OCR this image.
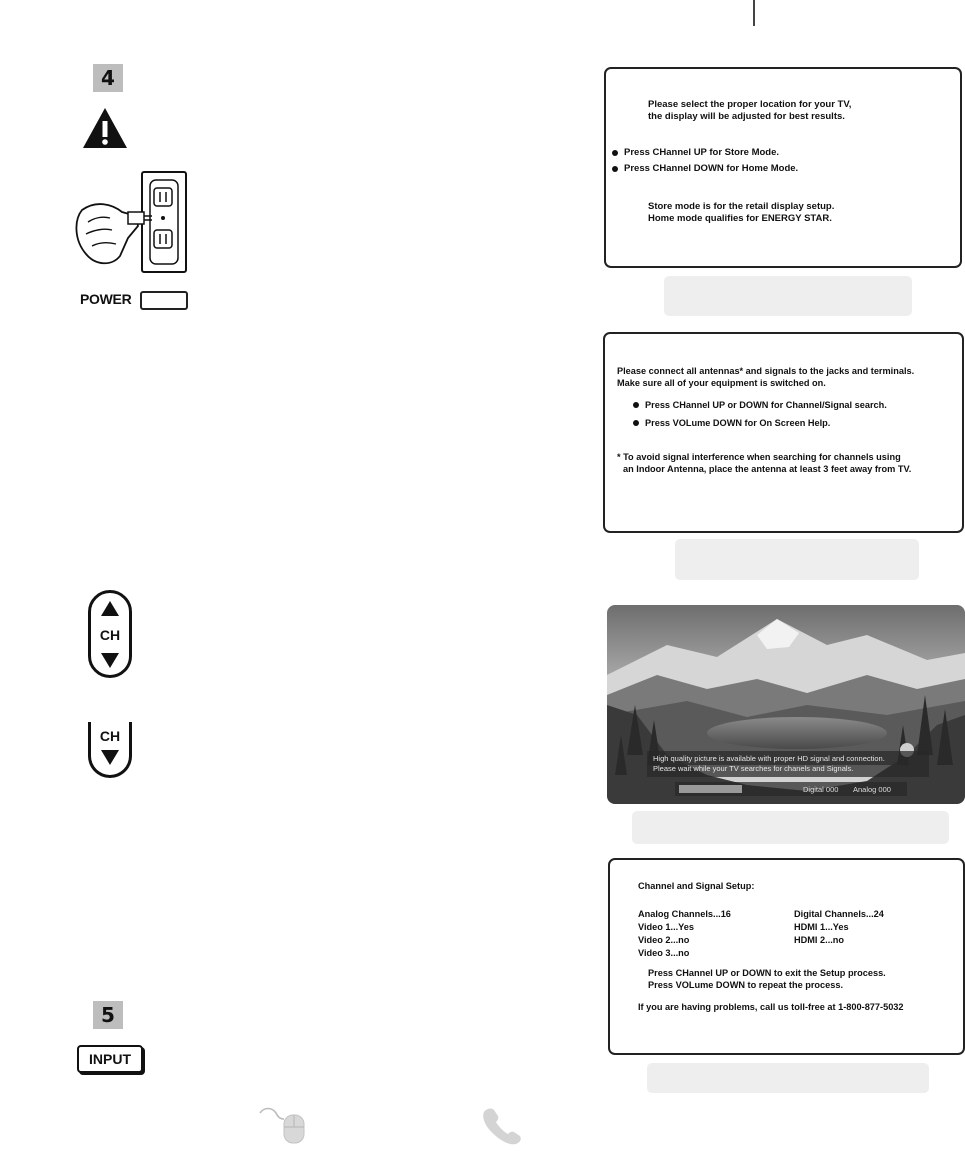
4
POWER
CH
CH
5
INPUT

Please select the proper location for your TV,

the display will be adjusted for best results.

Press CHannel UP for Store Mode.
Press CHannel DOWN for Home Mode.

Store mode is for the retail display setup.

Home mode qualifies for ENERGY STAR.

Please connect all antennas* and signals to the jacks and terminals.
Make sure all of your equipment is switched on.
Press CHannel UP or DOWN for Channel/Signal search.
Press VOLume DOWN for On Screen Help.
* To avoid signal interference when searching for channels using
an Indoor Antenna, place the antenna at least 3 feet away from TV.
High quality picture is available with proper HD signal and connection.
Please wait while your TV searches for chanels and Signals.
Digital 000 Analog 000
Channel and Signal Setup:
Analog Channels...16	Digital Channels...24
Video 1...Yes	HDMI 1...Yes
Video 2...no	HDMI 2...no
Video 3...no
Press CHannel UP or DOWN to exit the Setup process.
Press VOLume DOWN to repeat the process.
If you are having problems, call us toll-free at 1-800-877-5032
